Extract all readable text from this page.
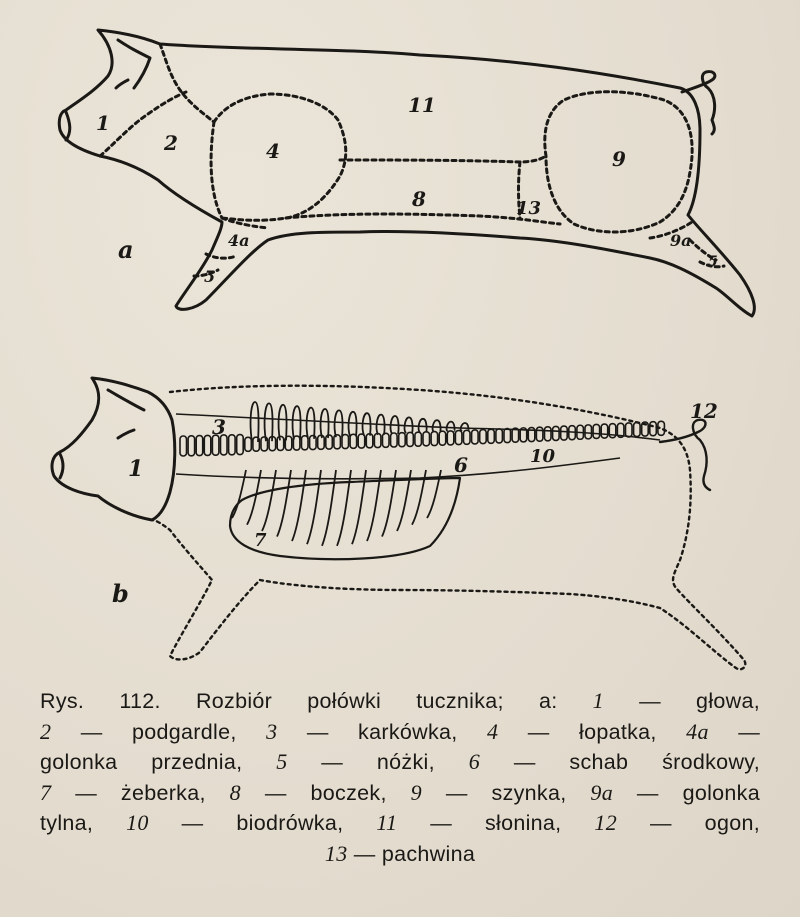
1
2	4
4a
5
11
8	13
9
9a
5
a
1
3
6
7
10
12
b
Rys. 112. Rozbiór połówki tucznika; a: 1 — głowa,
2 — podgardle, 3 — karkówka, 4 — łopatka, 4a —
golonka przednia, 5 — nóżki, 6 — schab środkowy,
7 — żeberka, 8 — boczek, 9 — szynka, 9a — golonka
tylna, 10 — biodrówka, 11 — słonina, 12 — ogon,
13 — pachwina
